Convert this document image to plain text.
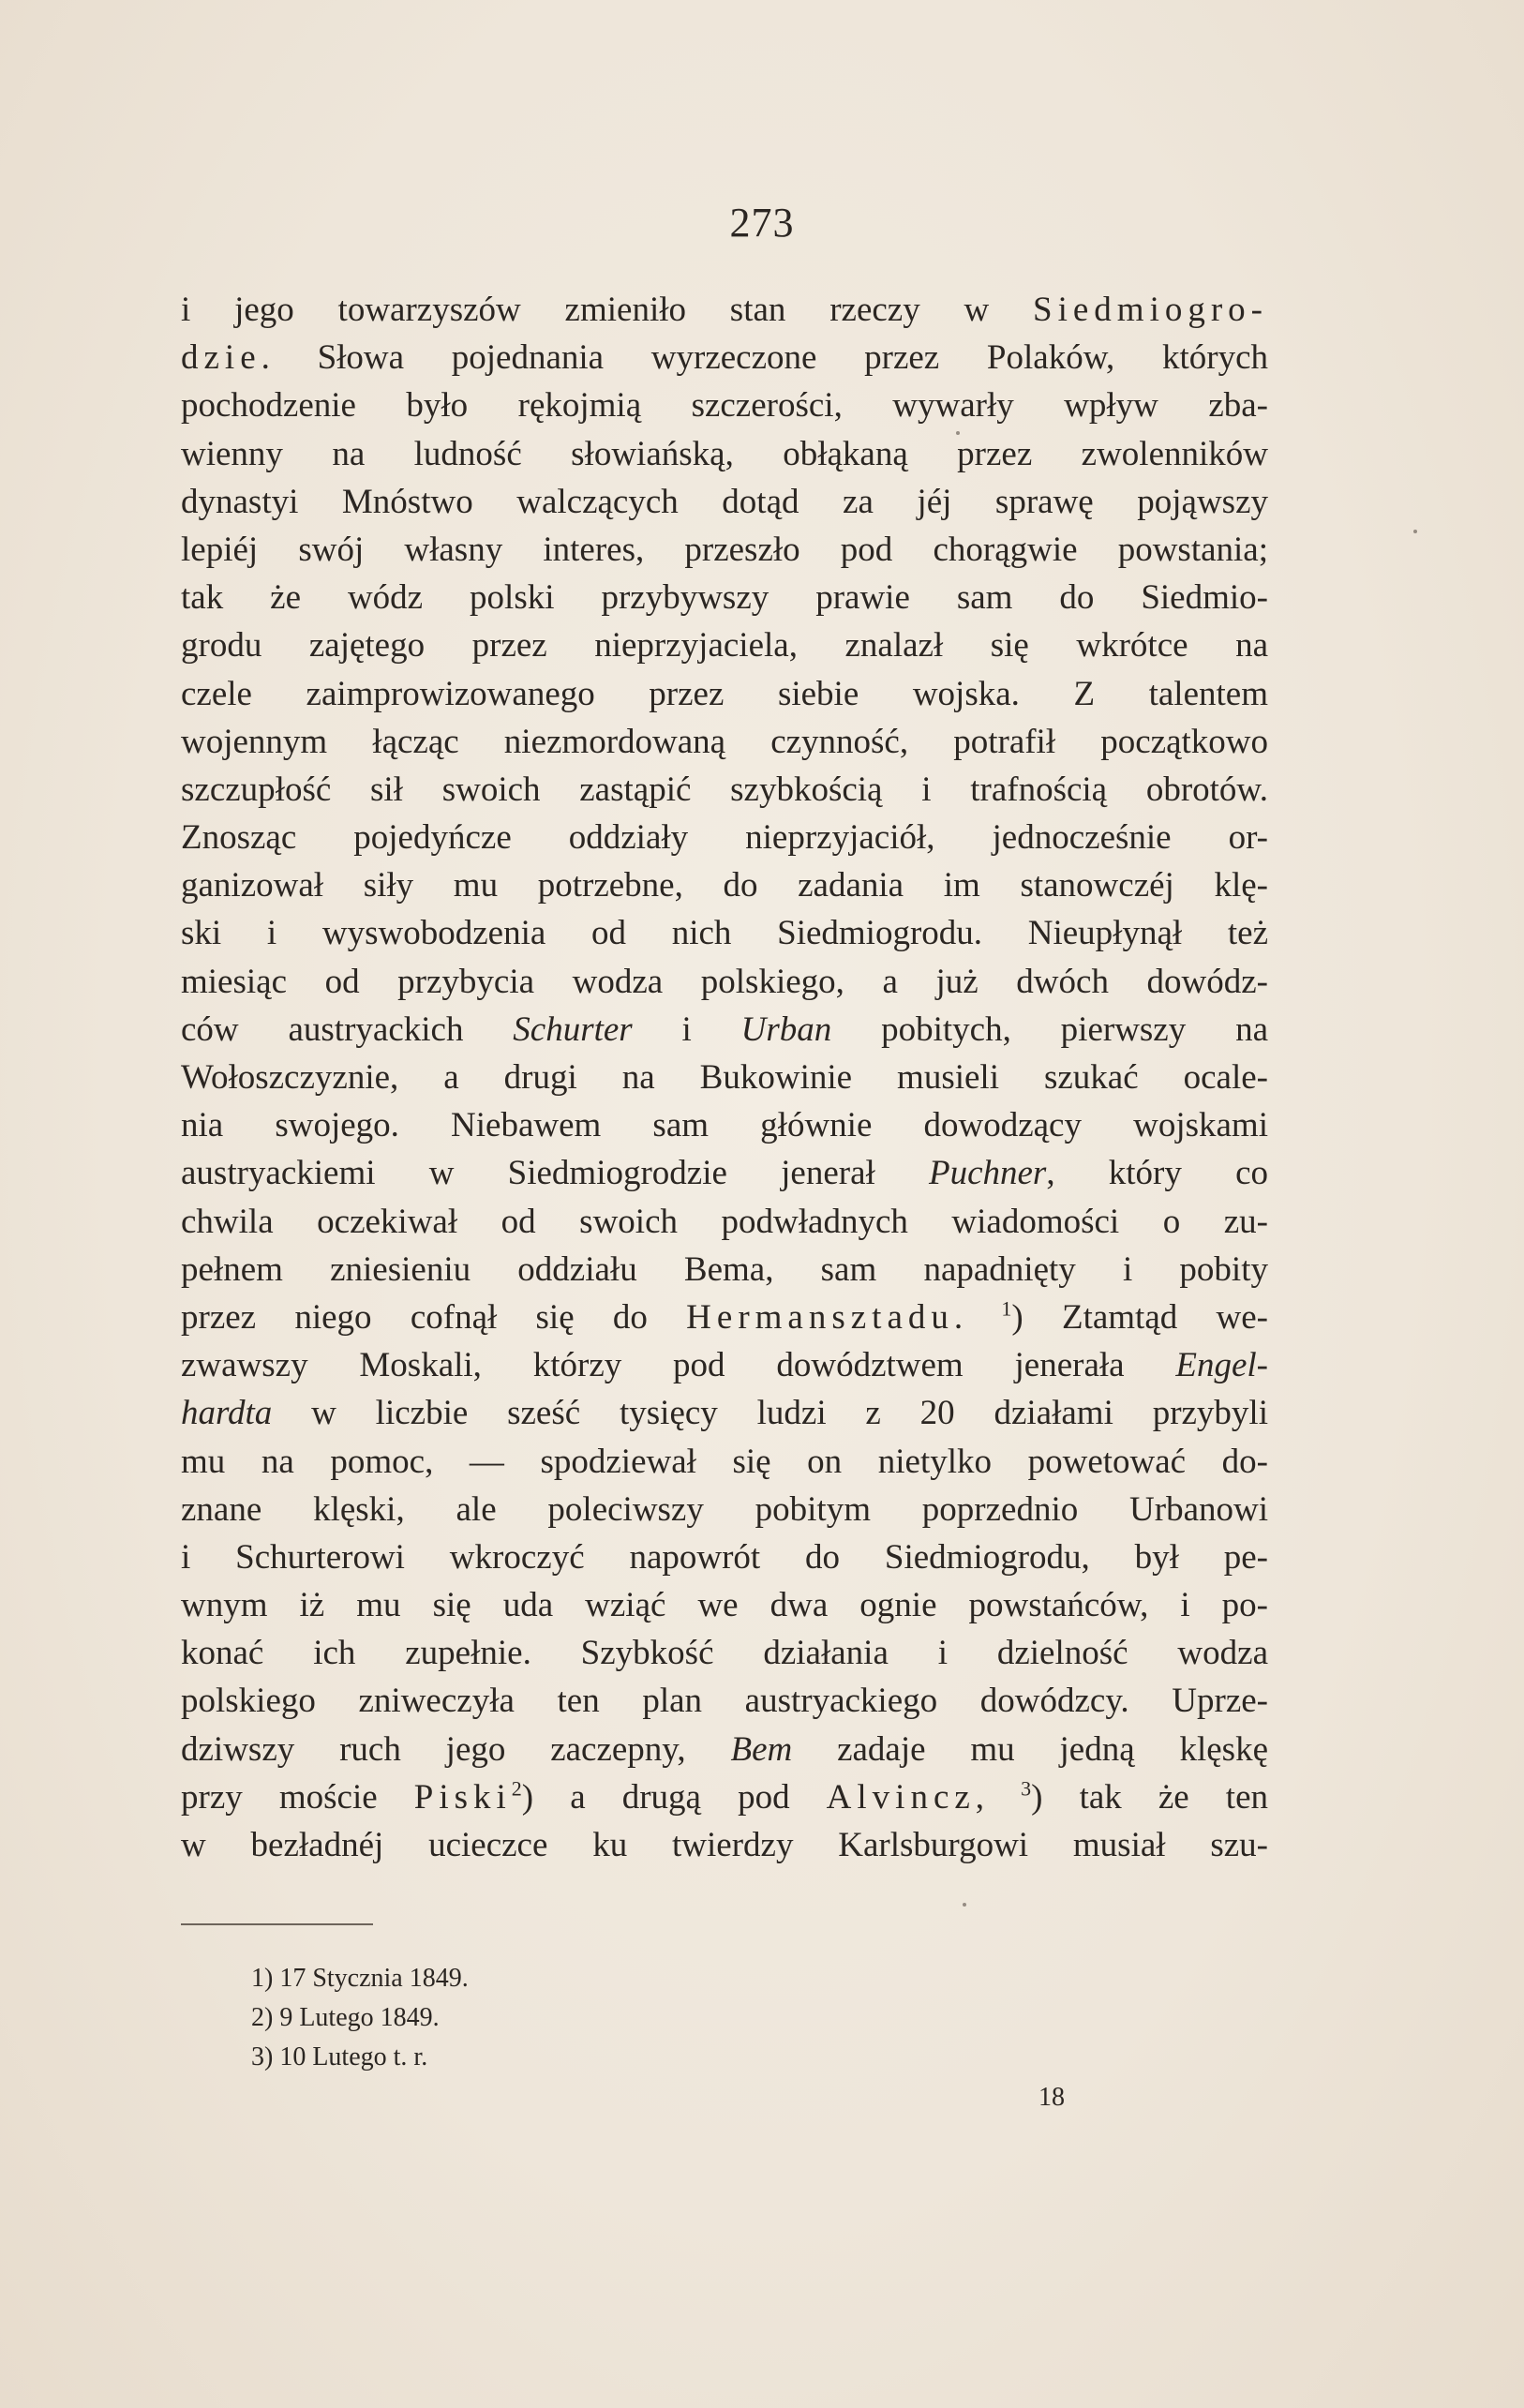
273
i jego towarzyszów zmieniło stan rzeczy w Siedmiogro-
dzie. Słowa pojednania wyrzeczone przez Polaków, których
pochodzenie było rękojmią szczerości, wywarły wpływ zba-
wienny na ludność słowiańską, obłąkaną przez zwolenników
dynastyi Mnóstwo walczących dotąd za jéj sprawę pojąwszy
lepiéj swój własny interes, przeszło pod chorągwie powstania;
tak że wódz polski przybywszy prawie sam do Siedmio-
grodu zajętego przez nieprzyjaciela, znalazł się wkrótce na
czele zaimprowizowanego przez siebie wojska. Z talentem
wojennym łącząc niezmordowaną czynność, potrafił początkowo
szczupłość sił swoich zastąpić szybkością i trafnością obrotów.
Znosząc pojedyńcze oddziały nieprzyjaciół, jednocześnie or-
ganizował siły mu potrzebne, do zadania im stanowczéj klę-
ski i wyswobodzenia od nich Siedmiogrodu. Nieupłynął też
miesiąc od przybycia wodza polskiego, a już dwóch dowódz-
ców austryackich Schurter i Urban pobitych, pierwszy na
Wołoszczyznie, a drugi na Bukowinie musieli szukać ocale-
nia swojego. Niebawem sam głównie dowodzący wojskami
austryackiemi w Siedmiogrodzie jenerał Puchner, który co
chwila oczekiwał od swoich podwładnych wiadomości o zu-
pełnem zniesieniu oddziału Bema, sam napadnięty i pobity
przez niego cofnął się do Hermansztadu. $^1$) Ztamtąd we-
zwawszy Moskali, którzy pod dowództwem jenerała Engel-
hardta w liczbie sześć tysięcy ludzi z 20 działami przybyli
mu na pomoc, — spodziewał się on nietylko powetować do-
znane klęski, ale poleciwszy pobitym poprzednio Urbanowi
i Schurterowi wkroczyć napowrót do Siedmiogrodu, był pe-
wnym iż mu się uda wziąć we dwa ognie powstańców, i po-
konać ich zupełnie. Szybkość działania i dzielność wodza
polskiego zniweczyła ten plan austryackiego dowódzcy. Uprze-
dziwszy ruch jego zaczepny, Bem zadaje mu jedną klęskę
przy moście Piski$^2$) a drugą pod Alvincz, $^3$) tak że ten
w bezładnéj ucieczce ku twierdzy Karlsburgowi musiał szu-
1) 17 Stycznia 1849.
2) 9 Lutego 1849.
3) 10 Lutego t. r.
18
